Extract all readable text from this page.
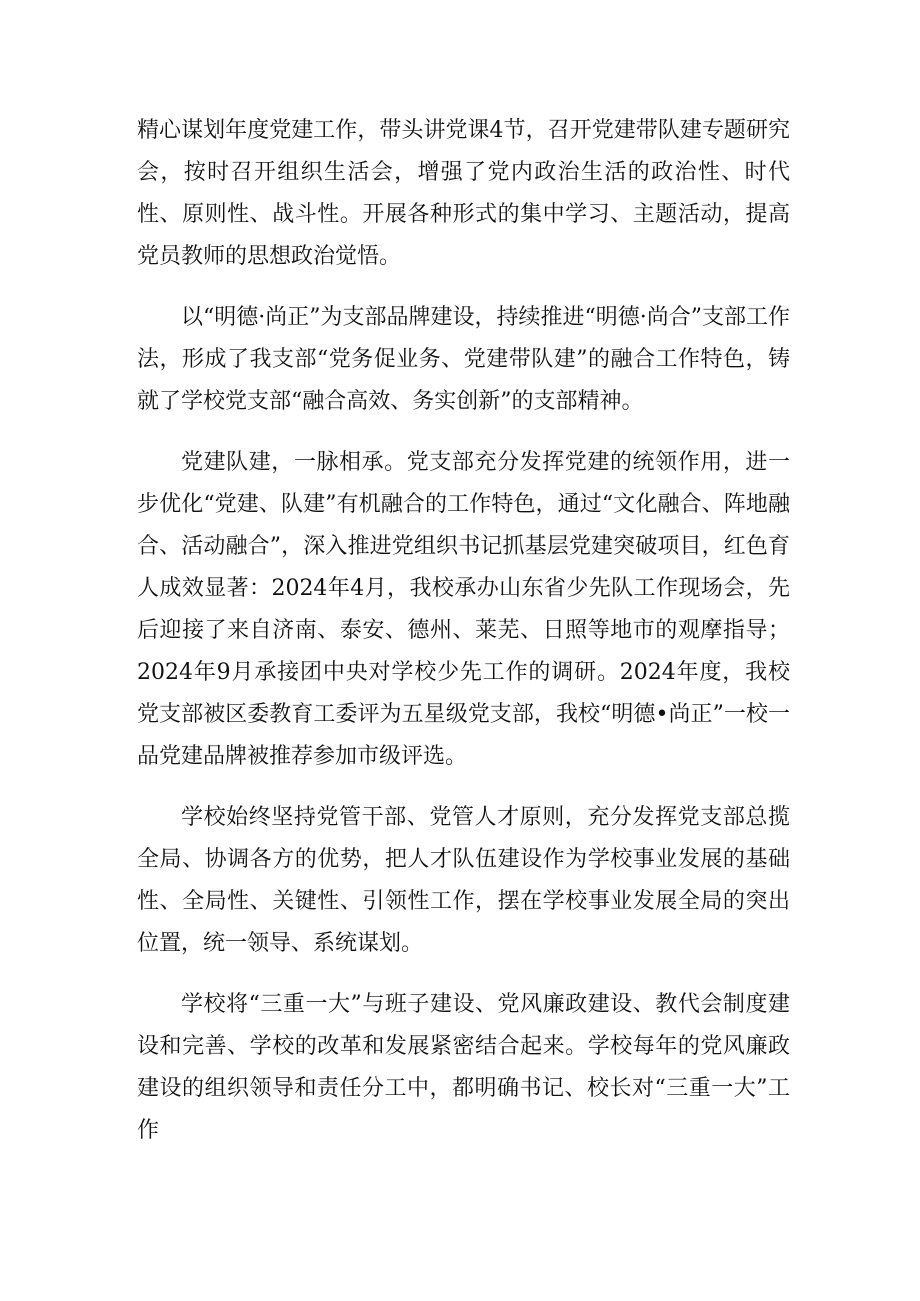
精心谋划年度党建工作，带头讲党课4节，召开党建带队建专题研究会，按时召开组织生活会，增强了党内政治生活的政治性、时代性、原则性、战斗性。开展各种形式的集中学习、主题活动，提高党员教师的思想政治觉悟。

以“明德·尚正”为支部品牌建设，持续推进“明德·尚合”支部工作法，形成了我支部“党务促业务、党建带队建”的融合工作特色，铸就了学校党支部“融合高效、务实创新”的支部精神。

党建队建，一脉相承。党支部充分发挥党建的统领作用，进一步优化“党建、队建”有机融合的工作特色，通过“文化融合、阵地融合、活动融合”，深入推进党组织书记抓基层党建突破项目，红色育人成效显著：2024年4月，我校承办山东省少先队工作现场会，先后迎接了来自济南、泰安、德州、莱芜、日照等地市的观摩指导；2024年9月承接团中央对学校少先工作的调研。2024年度，我校党支部被区委教育工委评为五星级党支部，我校“明德•尚正”一校一品党建品牌被推荐参加市级评选。

学校始终坚持党管干部、党管人才原则，充分发挥党支部总揽全局、协调各方的优势，把人才队伍建设作为学校事业发展的基础性、全局性、关键性、引领性工作，摆在学校事业发展全局的突出位置，统一领导、系统谋划。

学校将“三重一大”与班子建设、党风廉政建设、教代会制度建设和完善、学校的改革和发展紧密结合起来。学校每年的党风廉政建设的组织领导和责任分工中，都明确书记、校长对“三重一大”工作
